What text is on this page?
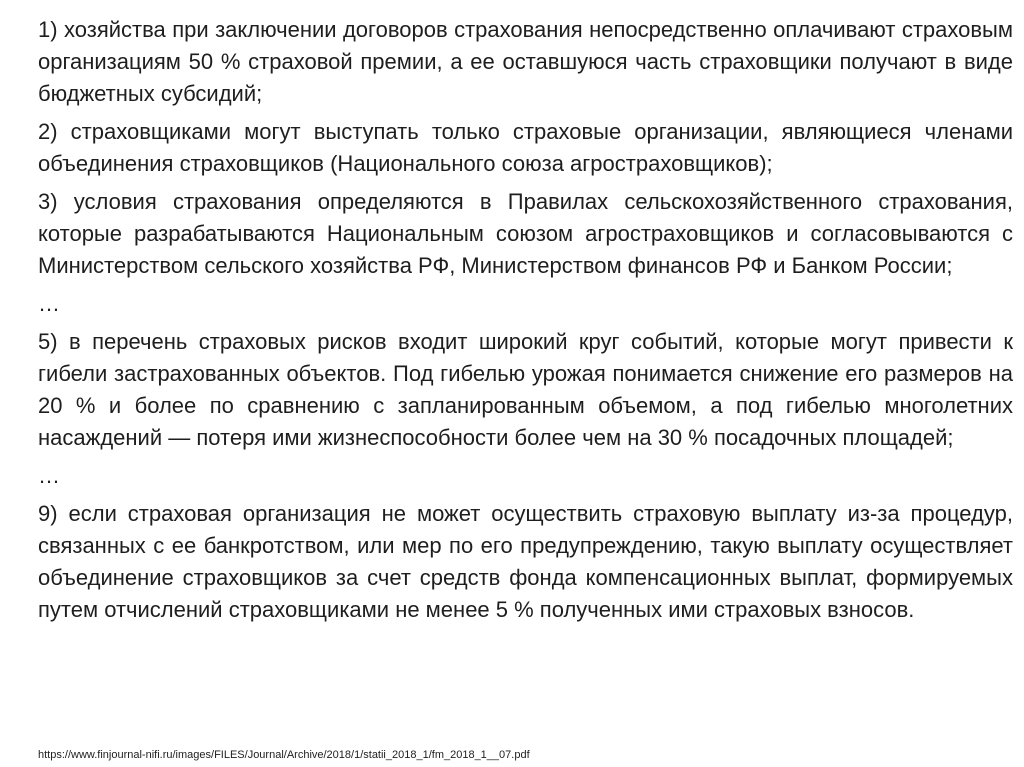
1) хозяйства при заключении договоров страхования непосредственно оплачивают страховым организациям 50 % страховой премии, а ее оставшуюся часть страховщики получают в виде бюджетных субсидий;

2) страховщиками могут выступать только страховые организации, являющиеся членами объединения страховщиков (Национального союза агростраховщиков);

3) условия страхования определяются в Правилах сельскохозяйственного страхования, которые разрабатываются Национальным союзом агростраховщиков и согласовываются с Министерством сельского хозяйства РФ, Министерством финансов РФ и Банком России;

…

5) в перечень страховых рисков входит широкий круг событий, которые могут привести к гибели застрахованных объектов. Под гибелью урожая понимается снижение его размеров на 20 % и более по сравнению с запланированным объемом, а под гибелью многолетних насаждений — потеря ими жизнеспособности более чем на 30 % посадочных площадей;

…

9) если страховая организация не может осуществить страховую выплату из-за процедур, связанных с ее банкротством, или мер по его предупреждению, такую выплату осуществляет объединение страховщиков за счет средств фонда компенсационных выплат, формируемых путем отчислений страховщиками не менее 5 % полученных ими страховых взносов.

https://www.finjournal-nifi.ru/images/FILES/Journal/Archive/2018/1/statii_2018_1/fm_2018_1__07.pdf
